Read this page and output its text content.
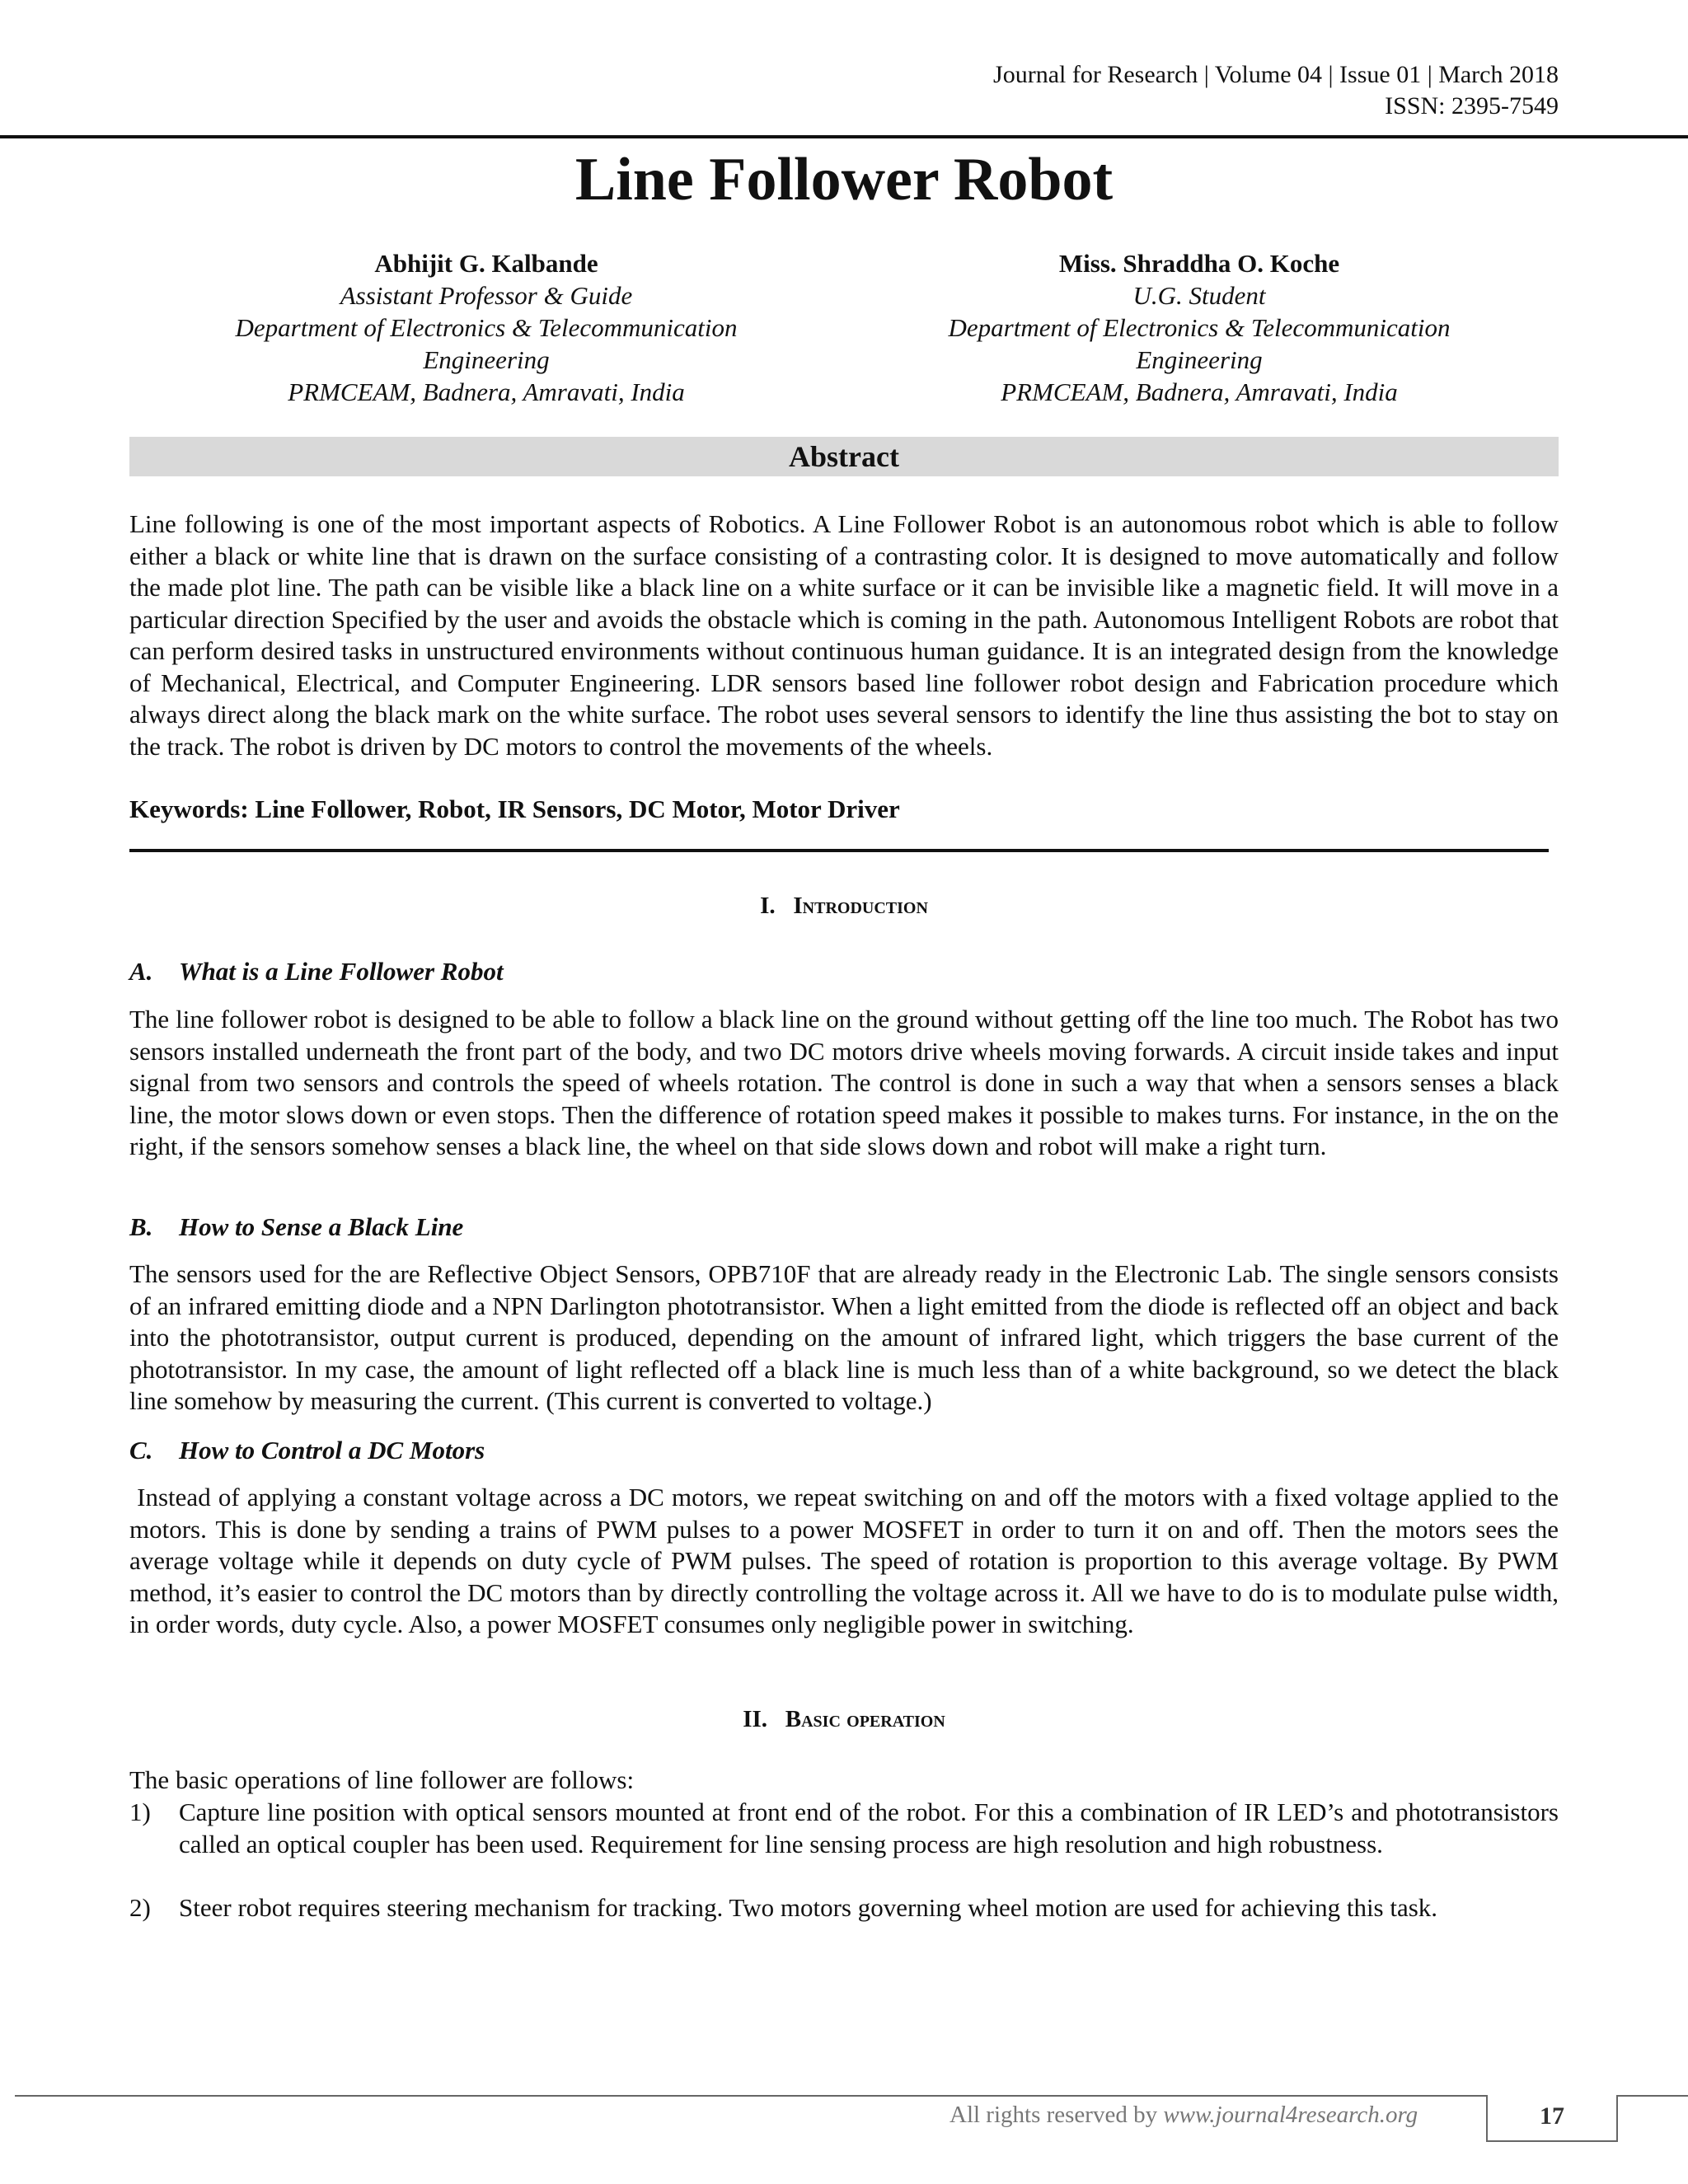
Journal for Research | Volume 04 | Issue 01 | March 2018
ISSN: 2395-7549
Line Follower Robot
Abhijit G. Kalbande
Assistant Professor & Guide
Department of Electronics & Telecommunication
Engineering
PRMCEAM, Badnera, Amravati, India
Miss. Shraddha O. Koche
U.G. Student
Department of Electronics & Telecommunication
Engineering
PRMCEAM, Badnera, Amravati, India
Abstract
Line following is one of the most important aspects of Robotics. A Line Follower Robot is an autonomous robot which is able to follow either a black or white line that is drawn on the surface consisting of a contrasting color. It is designed to move automatically and follow the made plot line. The path can be visible like a black line on a white surface or it can be invisible like a magnetic field. It will move in a particular direction Specified by the user and avoids the obstacle which is coming in the path. Autonomous Intelligent Robots are robot that can perform desired tasks in unstructured environments without continuous human guidance. It is an integrated design from the knowledge of Mechanical, Electrical, and Computer Engineering. LDR sensors based line follower robot design and Fabrication procedure which always direct along the black mark on the white surface. The robot uses several sensors to identify the line thus assisting the bot to stay on the track. The robot is driven by DC motors to control the movements of the wheels.
Keywords: Line Follower, Robot, IR Sensors, DC Motor, Motor Driver
I. Introduction
A. What is a Line Follower Robot
The line follower robot is designed to be able to follow a black line on the ground without getting off the line too much. The Robot has two sensors installed underneath the front part of the body, and two DC motors drive wheels moving forwards. A circuit inside takes and input signal from two sensors and controls the speed of wheels rotation. The control is done in such a way that when a sensors senses a black line, the motor slows down or even stops. Then the difference of rotation speed makes it possible to makes turns. For instance, in the on the right, if the sensors somehow senses a black line, the wheel on that side slows down and robot will make a right turn.
B. How to Sense a Black Line
The sensors used for the are Reflective Object Sensors, OPB710F that are already ready in the Electronic Lab. The single sensors consists of an infrared emitting diode and a NPN Darlington phototransistor. When a light emitted from the diode is reflected off an object and back into the phototransistor, output current is produced, depending on the amount of infrared light, which triggers the base current of the phototransistor. In my case, the amount of light reflected off a black line is much less than of a white background, so we detect the black line somehow by measuring the current. (This current is converted to voltage.)
C. How to Control a DC Motors
Instead of applying a constant voltage across a DC motors, we repeat switching on and off the motors with a fixed voltage applied to the motors. This is done by sending a trains of PWM pulses to a power MOSFET in order to turn it on and off. Then the motors sees the average voltage while it depends on duty cycle of PWM pulses. The speed of rotation is proportion to this average voltage. By PWM method, it’s easier to control the DC motors than by directly controlling the voltage across it. All we have to do is to modulate pulse width, in order words, duty cycle. Also, a power MOSFET consumes only negligible power in switching.
II. Basic operation
The basic operations of line follower are follows:
1) Capture line position with optical sensors mounted at front end of the robot. For this a combination of IR LED’s and phototransistors called an optical coupler has been used. Requirement for line sensing process are high resolution and high robustness.
2) Steer robot requires steering mechanism for tracking. Two motors governing wheel motion are used for achieving this task.
All rights reserved by www.journal4research.org	17
